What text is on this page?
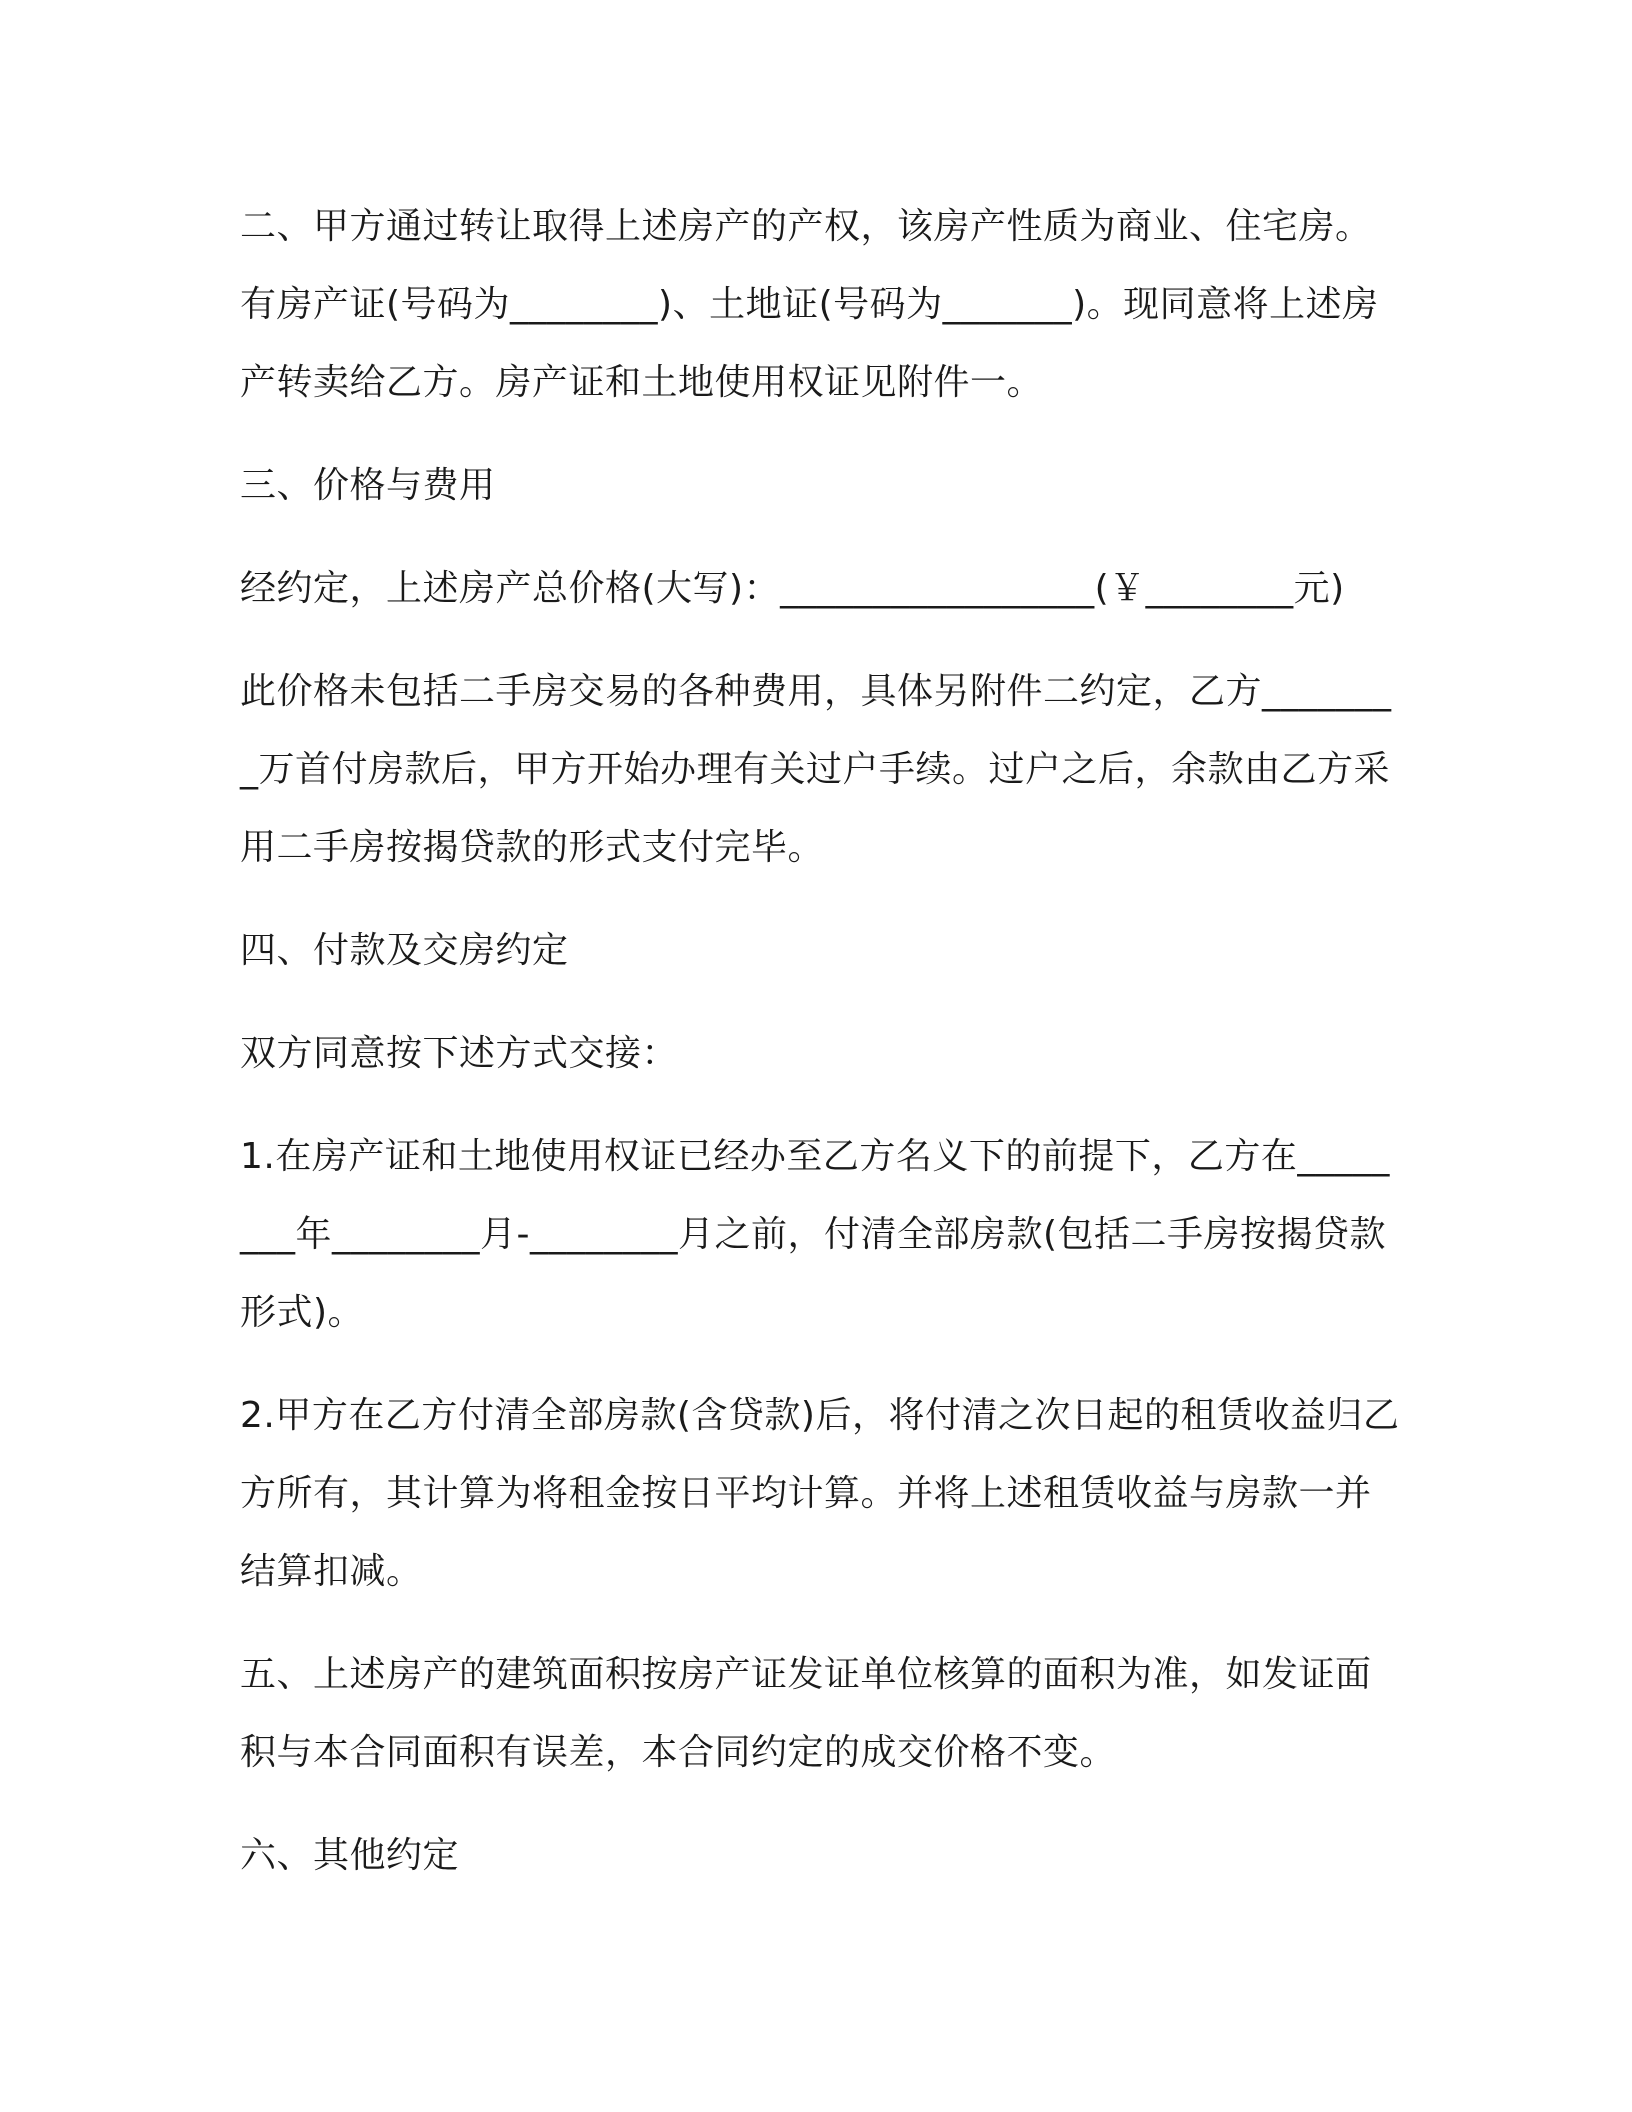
二、甲方通过转让取得上述房产的产权，该房产性质为商业、住宅房。有房产证(号码为________)、土地证(号码为_______)。现同意将上述房产转卖给乙方。房产证和土地使用权证见附件一。

三、价格与费用

经约定，上述房产总价格(大写)：_________________(￥________元)

此价格未包括二手房交易的各种费用，具体另附件二约定，乙方________万首付房款后，甲方开始办理有关过户手续。过户之后，余款由乙方采用二手房按揭贷款的形式支付完毕。

四、付款及交房约定

双方同意按下述方式交接：

1.在房产证和土地使用权证已经办至乙方名义下的前提下，乙方在________年________月-________月之前，付清全部房款(包括二手房按揭贷款形式)。

2.甲方在乙方付清全部房款(含贷款)后，将付清之次日起的租赁收益归乙方所有，其计算为将租金按日平均计算。并将上述租赁收益与房款一并结算扣减。

五、上述房产的建筑面积按房产证发证单位核算的面积为准，如发证面积与本合同面积有误差，本合同约定的成交价格不变。

六、其他约定
